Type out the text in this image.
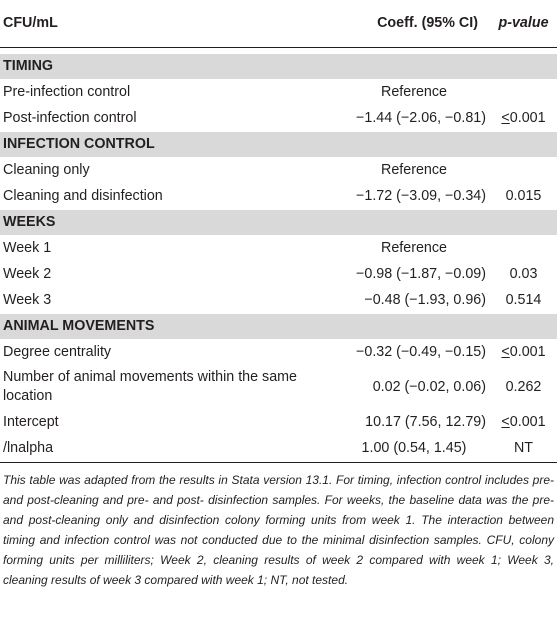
CFU/mL	Coeff. (95% CI)	p-value

TIMING		
Pre-infection control	Reference	
Post-infection control	−1.44 (−2.06, −0.81)	<0.001
INFECTION CONTROL		
Cleaning only	Reference	
Cleaning and disinfection	−1.72 (−3.09, −0.34)	0.015
WEEKS		
Week 1	Reference	
Week 2	−0.98 (−1.87, −0.09)	0.03
Week 3	−0.48 (−1.93, 0.96)	0.514
ANIMAL MOVEMENTS		
Degree centrality	−0.32 (−0.49, −0.15)	<0.001
Number of animal movements within the same location	0.02 (−0.02, 0.06)	0.262
Intercept	10.17 (7.56, 12.79)	<0.001
/lnalpha	1.00 (0.54, 1.45)	NT

This table was adapted from the results in Stata version 13.1. For timing, infection control includes pre- and post-cleaning and pre- and post- disinfection samples. For weeks, the baseline data was the pre- and post-cleaning only and disinfection colony forming units from week 1. The interaction between timing and infection control was not conducted due to the minimal disinfection samples. CFU, colony forming units per milliliters; Week 2, cleaning results of week 2 compared with week 1; Week 3, cleaning results of week 3 compared with week 1; NT, not tested.
